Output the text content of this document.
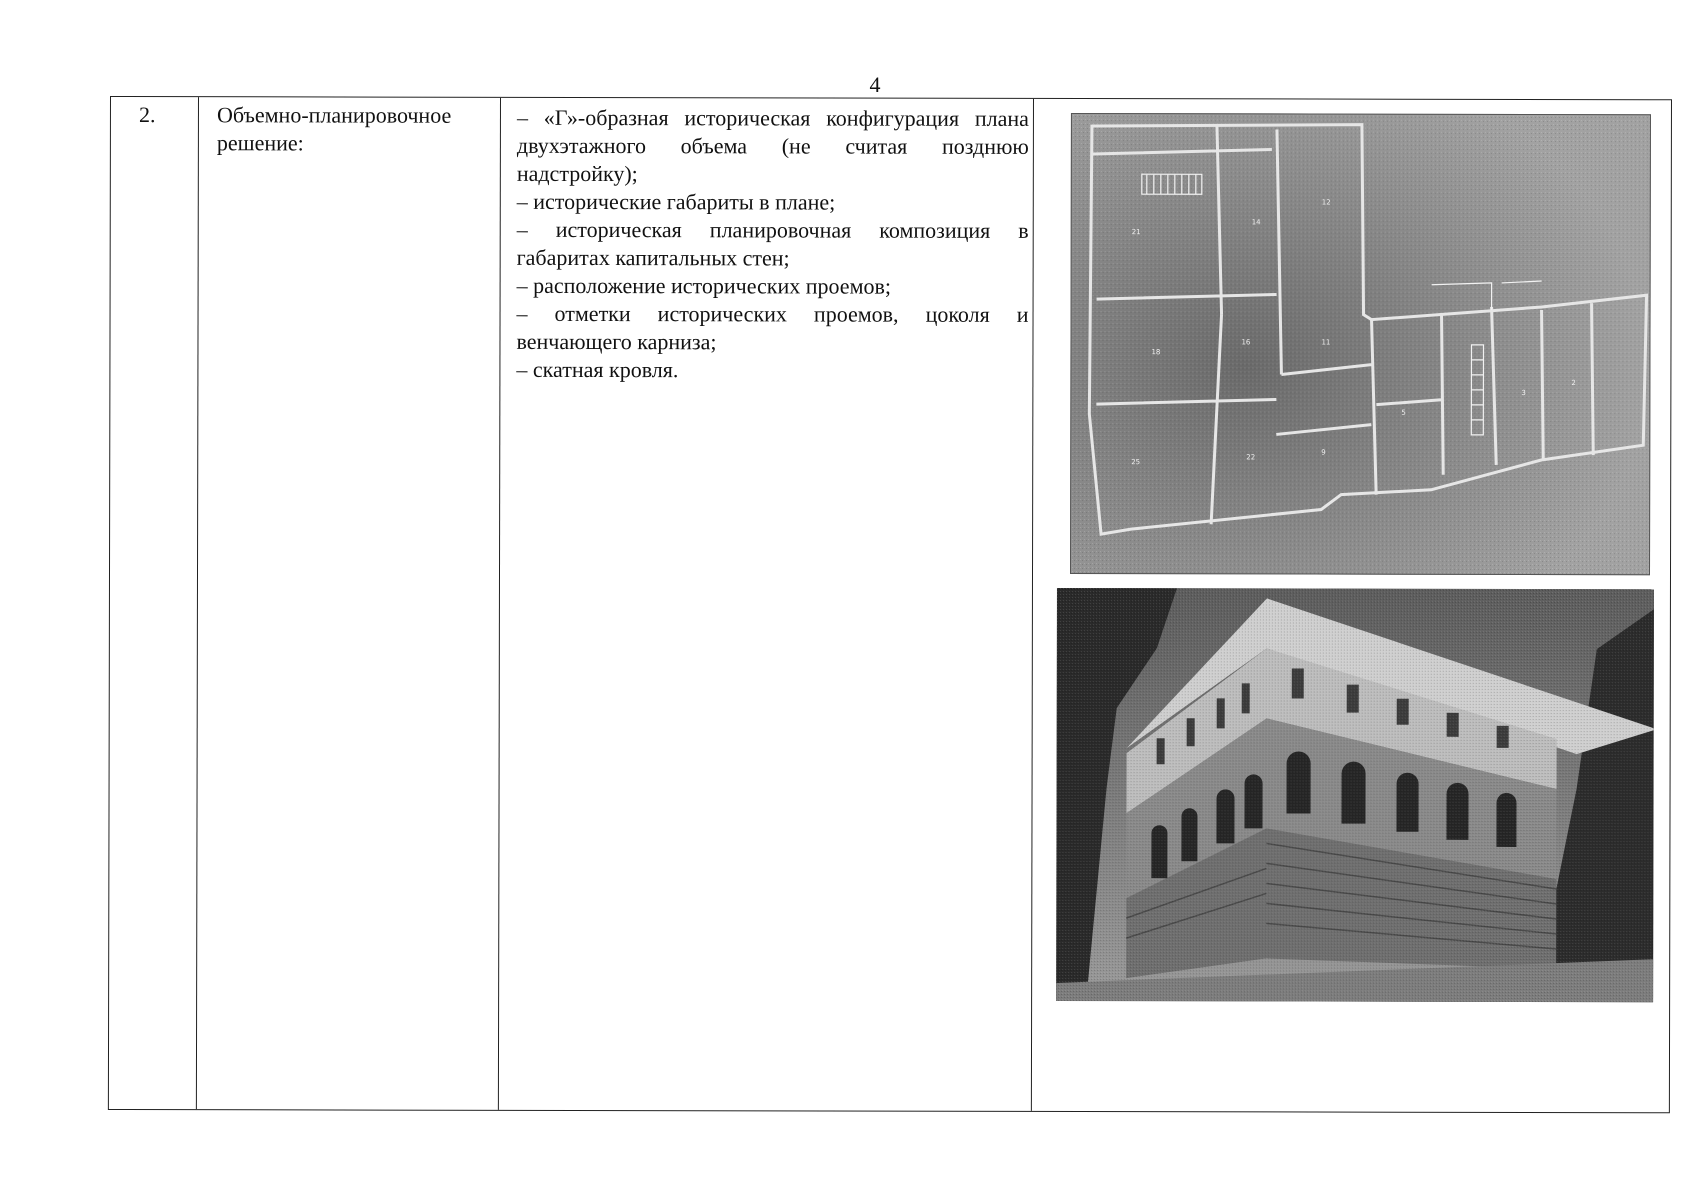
4
2.	Объемно-планировочное
решение:
– «Г»-образная историческая конфигурация плана двухэтажного объема (не считая позднюю надстройку);
– исторические габариты в плане;
– историческая планировочная композиция в габаритах капитальных стен;
– расположение исторических проемов;
– отметки исторических проемов, цоколя и венчающего карниза;
– скатная кровля.
21
14
12
18
16	11
25
22
9
5
3
2
